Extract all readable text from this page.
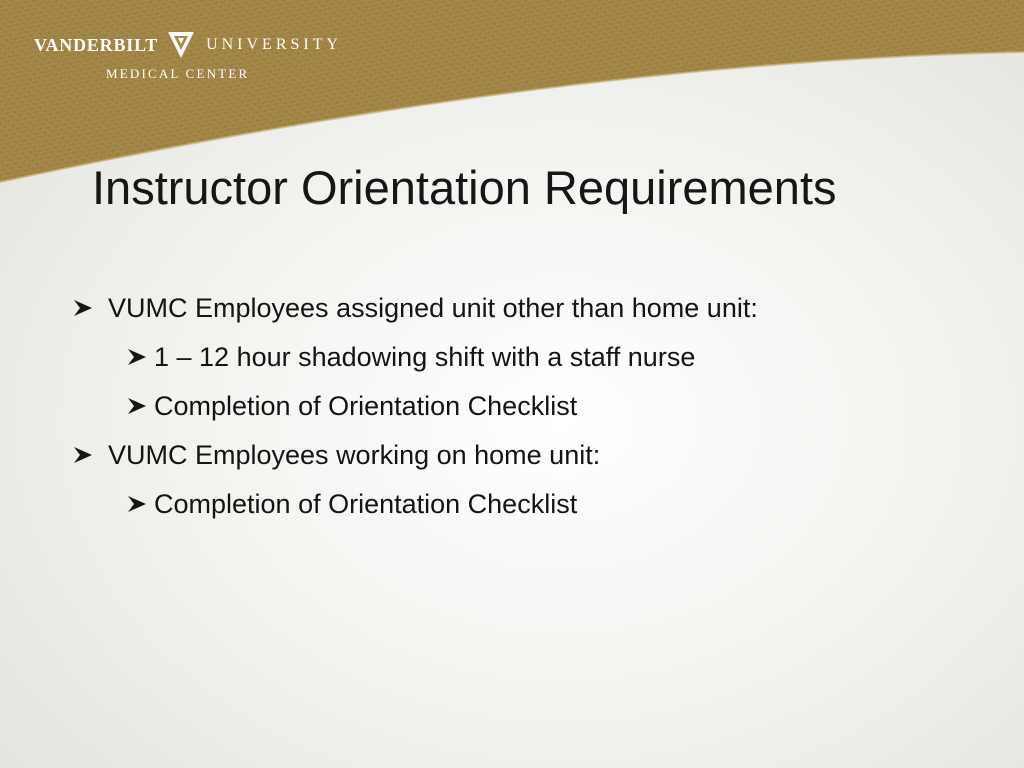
VANDERBILT	UNIVERSITY
MEDICAL CENTER
Instructor Orientation Requirements
VUMC Employees assigned unit other than home unit:
1 – 12 hour shadowing shift with a staff nurse
Completion of Orientation Checklist
VUMC Employees working on home unit:
Completion of Orientation Checklist
